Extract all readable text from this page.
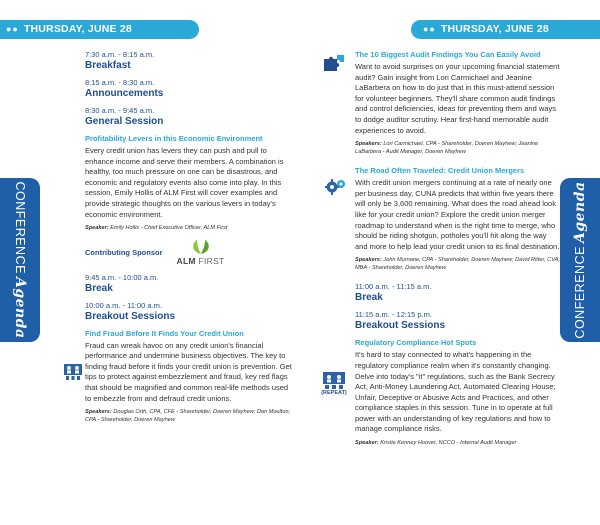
●● THURSDAY, JUNE 28
CONFERENCEAgenda
7:30 a.m. - 8:15 a.m.
Breakfast
8:15 a.m. - 8:30 a.m.
Announcements
8:30 a.m. - 9:45 a.m.
General Session
Profitability Levers in this Economic Environment
Every credit union has levers they can push and pull to enhance income and serve their members. A combination is healthy, too much pressure on one can be disastrous, and economic and regulatory events also come into play. In this session, Emily Hollis of ALM First will cover examples and provide strategic thoughts on the various levers in today's economic environment.
Speaker: Emily Hollis - Chief Executive Officer, ALM First
Contributing Sponsor
ALM FIRST
9:45 a.m. - 10:00 a.m.
Break
10:00 a.m. - 11:00 a.m.
Breakout Sessions
Find Fraud Before It Finds Your Credit Union
Fraud can wreak havoc on any credit union's financial performance and undermine business objectives. The key to finding fraud before it finds your credit union is prevention. Get tips to protect against embezzlement and fraud, key red flags that should be magnified and common real-life methods used to embezzle from and defraud credit unions.
Speakers: Douglas Orth, CPA, CFE - Shareholder, Doeren Mayhew; Dan Moulton, CPA - Shareholder, Doeren Mayhew
●● THURSDAY, JUNE 28
CONFERENCEAgenda
The 10 Biggest Audit Findings You Can Easily Avoid
Want to avoid surprises on your upcoming financial statement audit? Gain insight from Lori Carmichael and Jeanine LaBarbera on how to do just that in this must-attend session for volunteer beginners. They'll share common audit findings and control deficiencies, ideas for preventing them and ways to dodge auditor scrutiny. Hear first-hand memorable audit experiences to avoid.
Speakers: Lori Carmichael, CPA - Shareholder, Doeren Mayhew; Jeanine LaBarbera - Audit Manager, Doeren Mayhew
The Road Often Traveled: Credit Union Mergers
With credit union mergers continuing at a rate of nearly one per business day, CUNA predicts that within five years there will only be 3,600 remaining. What does the road ahead look like for your credit union? Explore the credit union merger roadmap to understand when is the right time to merge, who should be riding shotgun, potholes you'll hit along the way and more to help lead your credit union to its final destination.
Speakers: John Murnane, CPA - Shareholder, Doeren Mayhew; David Ritter, CVA, MBA - Shareholder, Doeren Mayhew
11:00 a.m. - 11:15 a.m.
Break
11:15 a.m. - 12:15 p.m.
Breakout Sessions
Regulatory Compliance Hot Spots
It's hard to stay connected to what's happening in the regulatory compliance realm when it's constantly changing. Delve into today's "it" regulations, such as the Bank Secrecy Act, Anti-Money Laundering Act, Automated Clearing House; Unfair, Deceptive or Abusive Acts and Practices, and other compliance staples in this session. Tune in to operate at full power with an understanding of key regulations and how to manage compliance risks.
Speaker: Kristie Kenney Hoover, NCCO - Internal Audit Manager
(REPEAT)
